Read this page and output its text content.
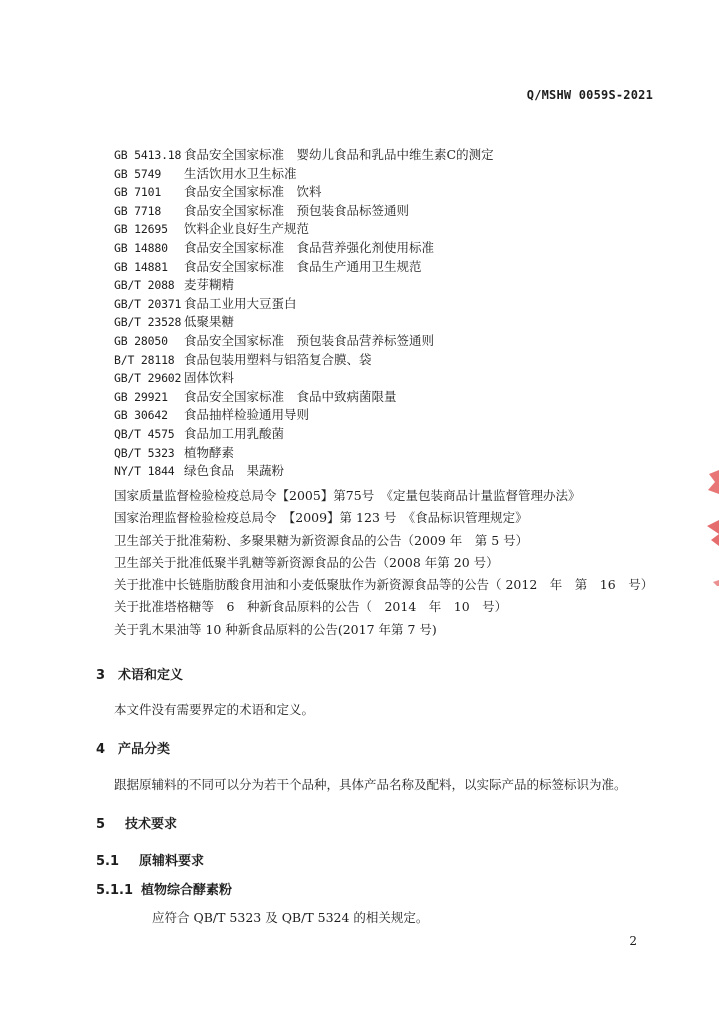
Q/MSHW 0059S-2021
GB 5413.18 食品安全国家标准　婴幼儿食品和乳品中维生素C的测定
GB 5749 生活饮用水卫生标准
GB 7101 食品安全国家标准　饮料
GB 7718 食品安全国家标准　预包装食品标签通则
GB 12695 饮料企业良好生产规范
GB 14880 食品安全国家标准　食品营养强化剂使用标准
GB 14881 食品安全国家标准　食品生产通用卫生规范
GB/T 2088 麦芽糊精
GB/T 20371 食品工业用大豆蛋白
GB/T 23528 低聚果糖
GB 28050 食品安全国家标准　预包装食品营养标签通则
B/T 28118 食品包装用塑料与铝箔复合膜、袋
GB/T 29602 固体饮料
GB 29921 食品安全国家标准　食品中致病菌限量
GB 30642 食品抽样检验通用导则
QB/T 4575 食品加工用乳酸菌
QB/T 5323 植物酵素
NY/T 1844 绿色食品　果蔬粉
国家质量监督检验检疫总局令【2005】第75号　《定量包装商品计量监督管理办法》
国家治理监督检验检疫总局令　【2009】第 123 号　《食品标识管理规定》
卫生部关于批准菊粉、多聚果糖为新资源食品的公告（2009 年　第 5 号）
卫生部关于批准低聚半乳糖等新资源食品的公告（2008 年第 20 号）
关于批准中长链脂肪酸食用油和小麦低聚肽作为新资源食品等的公告（ 2012　年　第　16　号）
关于批准塔格糖等　6　种新食品原料的公告（　2014　年　10　号）
关于乳木果油等 10 种新食品原料的公告(2017 年第 7 号)
3 术语和定义
本文件没有需要界定的术语和定义。
4 产品分类
跟据原辅料的不同可以分为若干个品种，具体产品名称及配料，以实际产品的标签标识为准。
5 技术要求
5.1 原辅料要求
5.1.1 植物综合酵素粉
应符合 QB/T 5323 及 QB/T 5324 的相关规定。
2
